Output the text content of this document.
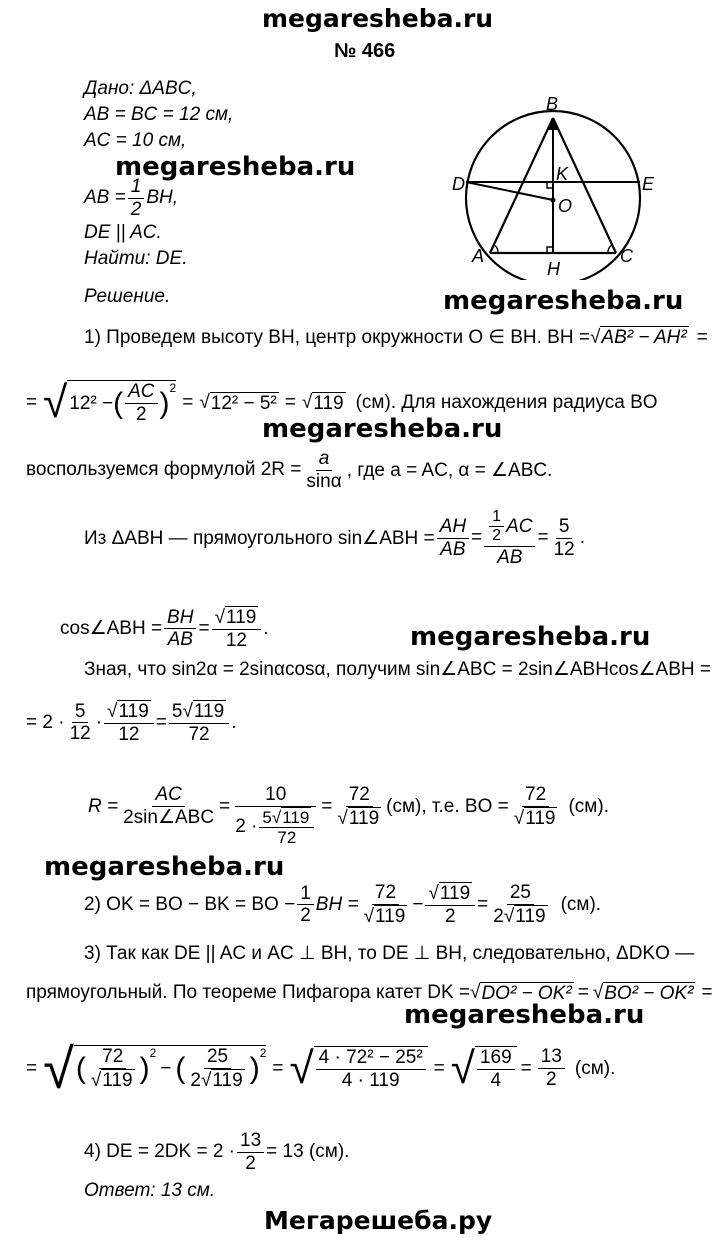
megaresheba.ru
№ 466
Дано: ΔABC,
AB = BC = 12 см,
AC = 10 см,
megaresheba.ru
AB = $\frac{1}{2}$ BH,
DE || AC.
Найти: DE.
Решение.
B
K
D	E
O
A
H
C
megaresheba.ru
1) Проведем высоту BH, центр окружности O ∈ BH. BH = √ AB² − AH² =
= √ 12² − ( $\frac{AC}{2} )^2$
= √ 12² − 5² = √ 119 (см). Для нахождения радиуса BO
megaresheba.ru
воспользуемся формулой $2R = \frac{a}{\sin\alpha}$ , где a = AC, α = ∠ABC.
Из ΔABH — прямоугольного sin∠ABH = $\frac{AH}{AB} = \frac{\frac{1}{2} AC}{AB} = \frac{5}{12}$ .
cos∠ABH = $\frac{BH}{AB} = \frac{√119}{12}$ .	megaresheba.ru
Зная, что sin2α = 2sinαcosα, получим sin∠ABC = 2sin∠ABHcos∠ABH =
= $2 \cdot \frac{5}{12} \cdot \frac{√119}{12} = \frac{5√119}{72}$ .
$R = \frac{AC}{\text{2sin∠ABC}} = \frac{10}{2 \cdot \frac{5√119}{72}} = \frac{72}{√119} (см)$, т.е. BO = $\frac{72}{√119} (см)$.
megaresheba.ru
2) OK = BO − BK = BO − $\frac{1}{2}$ BH = $\frac{72}{√119} - \frac{√119}{2} = \frac{25}{2√119} (см)$.
3) Так как DE || AC и AC ⊥ BH, то DE ⊥ BH, следовательно, ΔDKO —
прямоугольный. По теореме Пифагора катет DK = √ DO² − OK² = √ BO² − OK² =
megaresheba.ru
= √ ( $\frac{72}{√119} )^2$
− ( $\frac{25}{2√119} )^2$
= √ $\frac{\text{4 · 72² − 25²}}{4 \cdot 119}$ = √ $\frac{169}{4} = \frac{13}{2} (см)$.
4) DE = $2DK = 2 \cdot \frac{13}{2} = 13$ (см).
Ответ: 13 см.
Мегарешеба.ру
